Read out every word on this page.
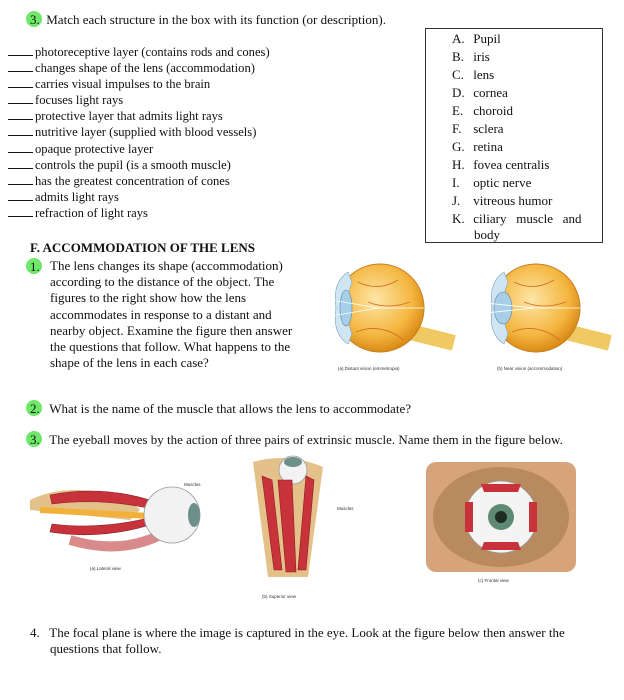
3. Match each structure in the box with its function (or description).
photoreceptive layer (contains rods and cones)
changes shape of the lens (accommodation)
carries visual impulses to the brain
focuses light rays
protective layer that admits light rays
nutritive layer (supplied with blood vessels)
opaque protective layer
controls the pupil (is a smooth muscle)
has the greatest concentration of cones
admits light rays
refraction of light rays
A. Pupil
B. iris
C. lens
D. cornea
E. choroid
F. sclera
G. retina
H. fovea centralis
I. optic nerve
J. vitreous humor
K. ciliary   muscle   and
body
F. ACCOMMODATION OF THE LENS
1. The lens changes its shape (accommodation)
according to the distance of the object. The
figures to the right show how the lens
accommodates in response to a distant and
nearby object. Examine the figure then answer
the questions that follow. What happens to the
shape of the lens in each case?	(a) Distant vision (emmetropia)	(b) Near vision (accommodation)
2. What is the name of the muscle that allows the lens to accommodate?
3. The eyeball moves by the action of three pairs of extrinsic muscle. Name them in the figure below.
Muscles
(a) Lateral view
Muscles
(b) Superior view
(c) Frontal view
4. The focal plane is where the image is captured in the eye. Look at the figure below then answer the
questions that follow.
